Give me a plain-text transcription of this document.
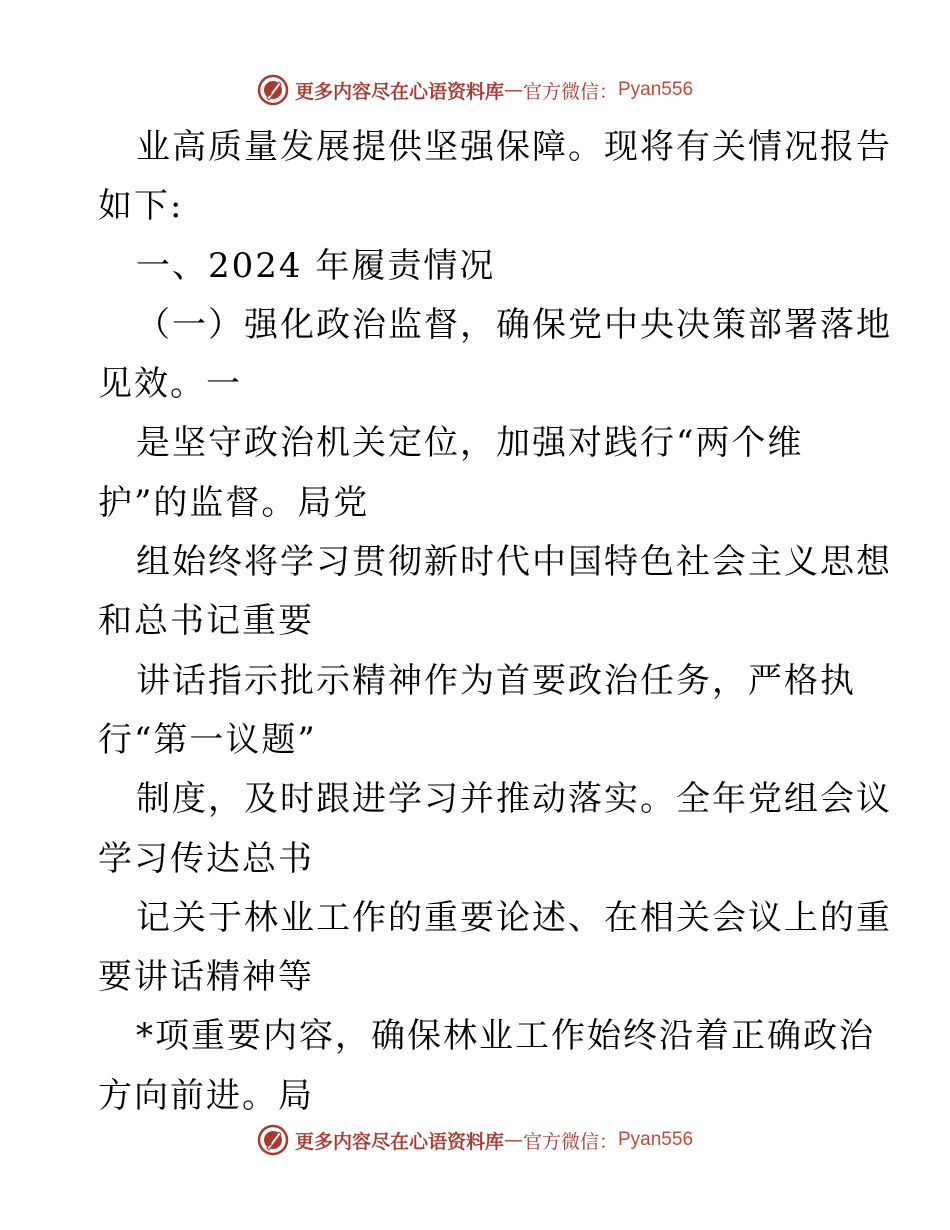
更多内容尽在心语资料库 — 官方微信： Pyan556
业高质量发展提供坚强保障。现将有关情况报告
如下:
一、2024 年履责情况
（一）强化政治监督，确保党中央决策部署落地
见效。一
是坚守政治机关定位，加强对践行“两个维
护”的监督。局党
组始终将学习贯彻新时代中国特色社会主义思想
和总书记重要
讲话指示批示精神作为首要政治任务，严格执
行“第一议题”
制度，及时跟进学习并推动落实。全年党组会议
学习传达总书
记关于林业工作的重要论述、在相关会议上的重
要讲话精神等
*项重要内容，确保林业工作始终沿着正确政治
方向前进。局
更多内容尽在心语资料库 — 官方微信： Pyan556
